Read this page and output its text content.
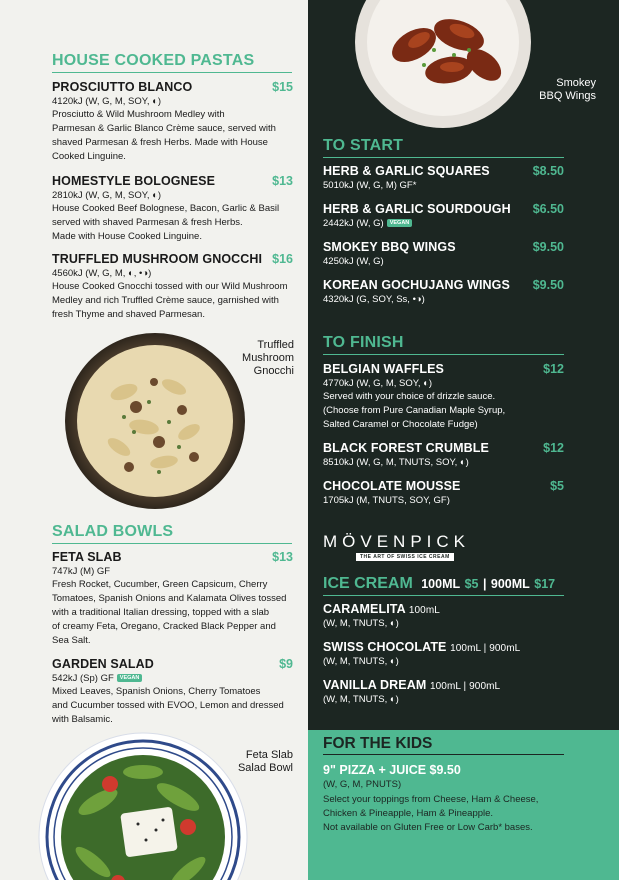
HOUSE COOKED PASTAS
PROSCIUTTO BLANCO	$15
4120kJ (W, G, M, SOY, ◐)
Prosciutto & Wild Mushroom Medley with
Parmesan & Garlic Blanco Crème sauce, served with
shaved Parmesan & fresh Herbs. Made with House
Cooked Linguine.
HOMESTYLE BOLOGNESE	$13
2810kJ (W, G, M, SOY, ◐)
House Cooked Beef Bolognese, Bacon, Garlic & Basil
served with shaved Parmesan & fresh Herbs.
Made with House Cooked Linguine.
TRUFFLED MUSHROOM GNOCCHI $16
4560kJ (W, G, M, ◐, •◑)
House Cooked Gnocchi tossed with our Wild Mushroom
Medley and rich Truffled Crème sauce, garnished with
fresh Thyme and shaved Parmesan.
Truffled
Mushroom
Gnocchi
SALAD BOWLS
FETA SLAB	$13
747kJ (M) GF
Fresh Rocket, Cucumber, Green Capsicum, Cherry
Tomatoes, Spanish Onions and Kalamata Olives tossed
with a traditional Italian dressing, topped with a slab
of creamy Feta, Oregano, Cracked Black Pepper and
Sea Salt.
GARDEN SALAD	$9
542kJ (Sp) GF VEGAN
Mixed Leaves, Spanish Onions, Cherry Tomatoes
and Cucumber tossed with EVOO, Lemon and dressed
with Balsamic.
Feta Slab
Salad Bowl
Smokey
BBQ Wings
TO START
HERB & GARLIC SQUARES	$8.50
5010kJ (W, G, M) GF*
HERB & GARLIC SOURDOUGH	$6.50
2442kJ (W, G) VEGAN
SMOKEY BBQ WINGS	$9.50
4250kJ (W, G)
KOREAN GOCHUJANG WINGS	$9.50
4320kJ (G, SOY, Ss, •◑)
TO FINISH
BELGIAN WAFFLES	$12
4770kJ (W, G, M, SOY, ◐)
Served with your choice of drizzle sauce.
(Choose from Pure Canadian Maple Syrup,
Salted Caramel or Chocolate Fudge)
BLACK FOREST CRUMBLE	$12
8510kJ (W, G, M, TNUTS, SOY, ◐)
CHOCOLATE MOUSSE	$5
1705kJ (M, TNUTS, SOY, GF)
MÖVENPICK
THE ART OF SWISS ICE CREAM
ICE CREAM 100ML $5 | 900ML $17
CARAMELITA 100mL
(W, M, TNUTS, ◐)
SWISS CHOCOLATE 100mL | 900mL
(W, M, TNUTS, ◐)
VANILLA DREAM 100mL | 900mL
(W, M, TNUTS, ◐)
FOR THE KIDS
9" PIZZA + JUICE $9.50
(W, G, M, PNUTS)
Select your toppings from Cheese, Ham & Cheese,
Chicken & Pineapple, Ham & Pineapple.
Not available on Gluten Free or Low Carb* bases.
